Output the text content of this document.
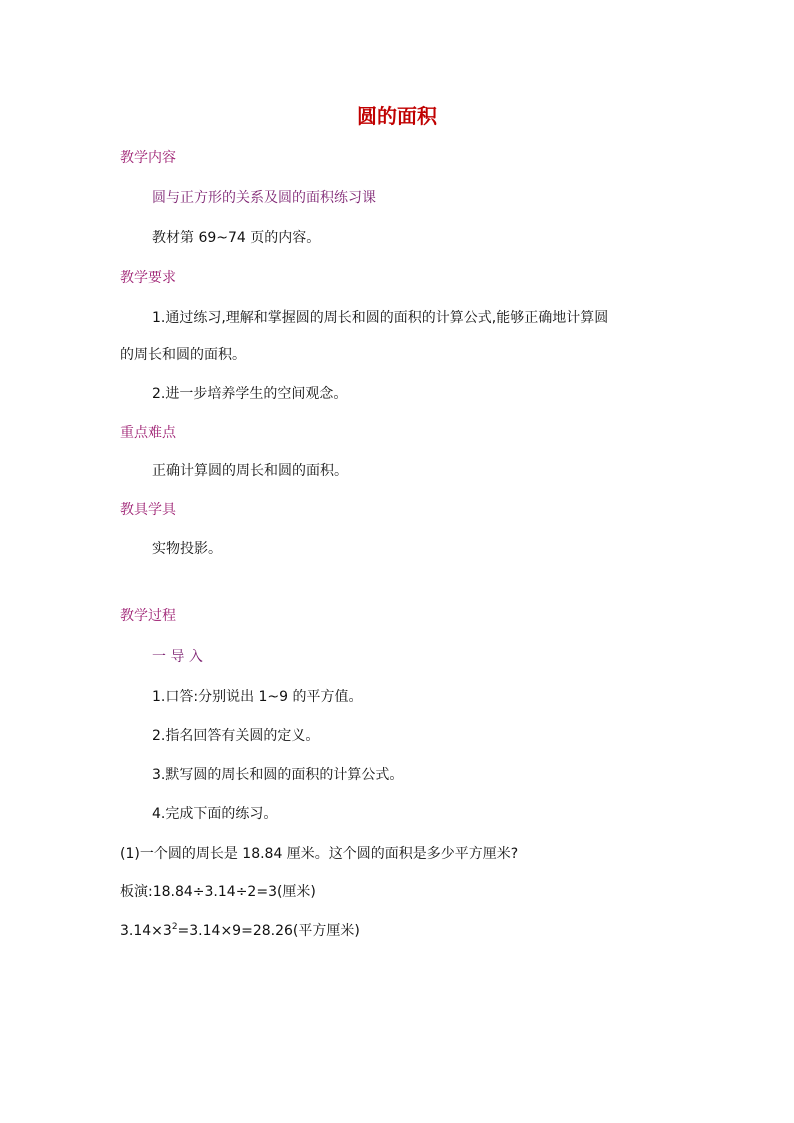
圆的面积
教学内容
圆与正方形的关系及圆的面积练习课
教材第 69~74 页的内容。
教学要求
1.通过练习,理解和掌握圆的周长和圆的面积的计算公式,能够正确地计算圆
的周长和圆的面积。
2.进一步培养学生的空间观念。
重点难点
正确计算圆的周长和圆的面积。
教具学具
实物投影。
教学过程
一 导 入
1.口答:分别说出 1~9 的平方值。
2.指名回答有关圆的定义。
3.默写圆的周长和圆的面积的计算公式。
4.完成下面的练习。
(1)一个圆的周长是 18.84 厘米。这个圆的面积是多少平方厘米?
板演:18.84÷3.14÷2=3(厘米)
$3.14\times 3^2=3.14\times 9=28.26$(平方厘米)
